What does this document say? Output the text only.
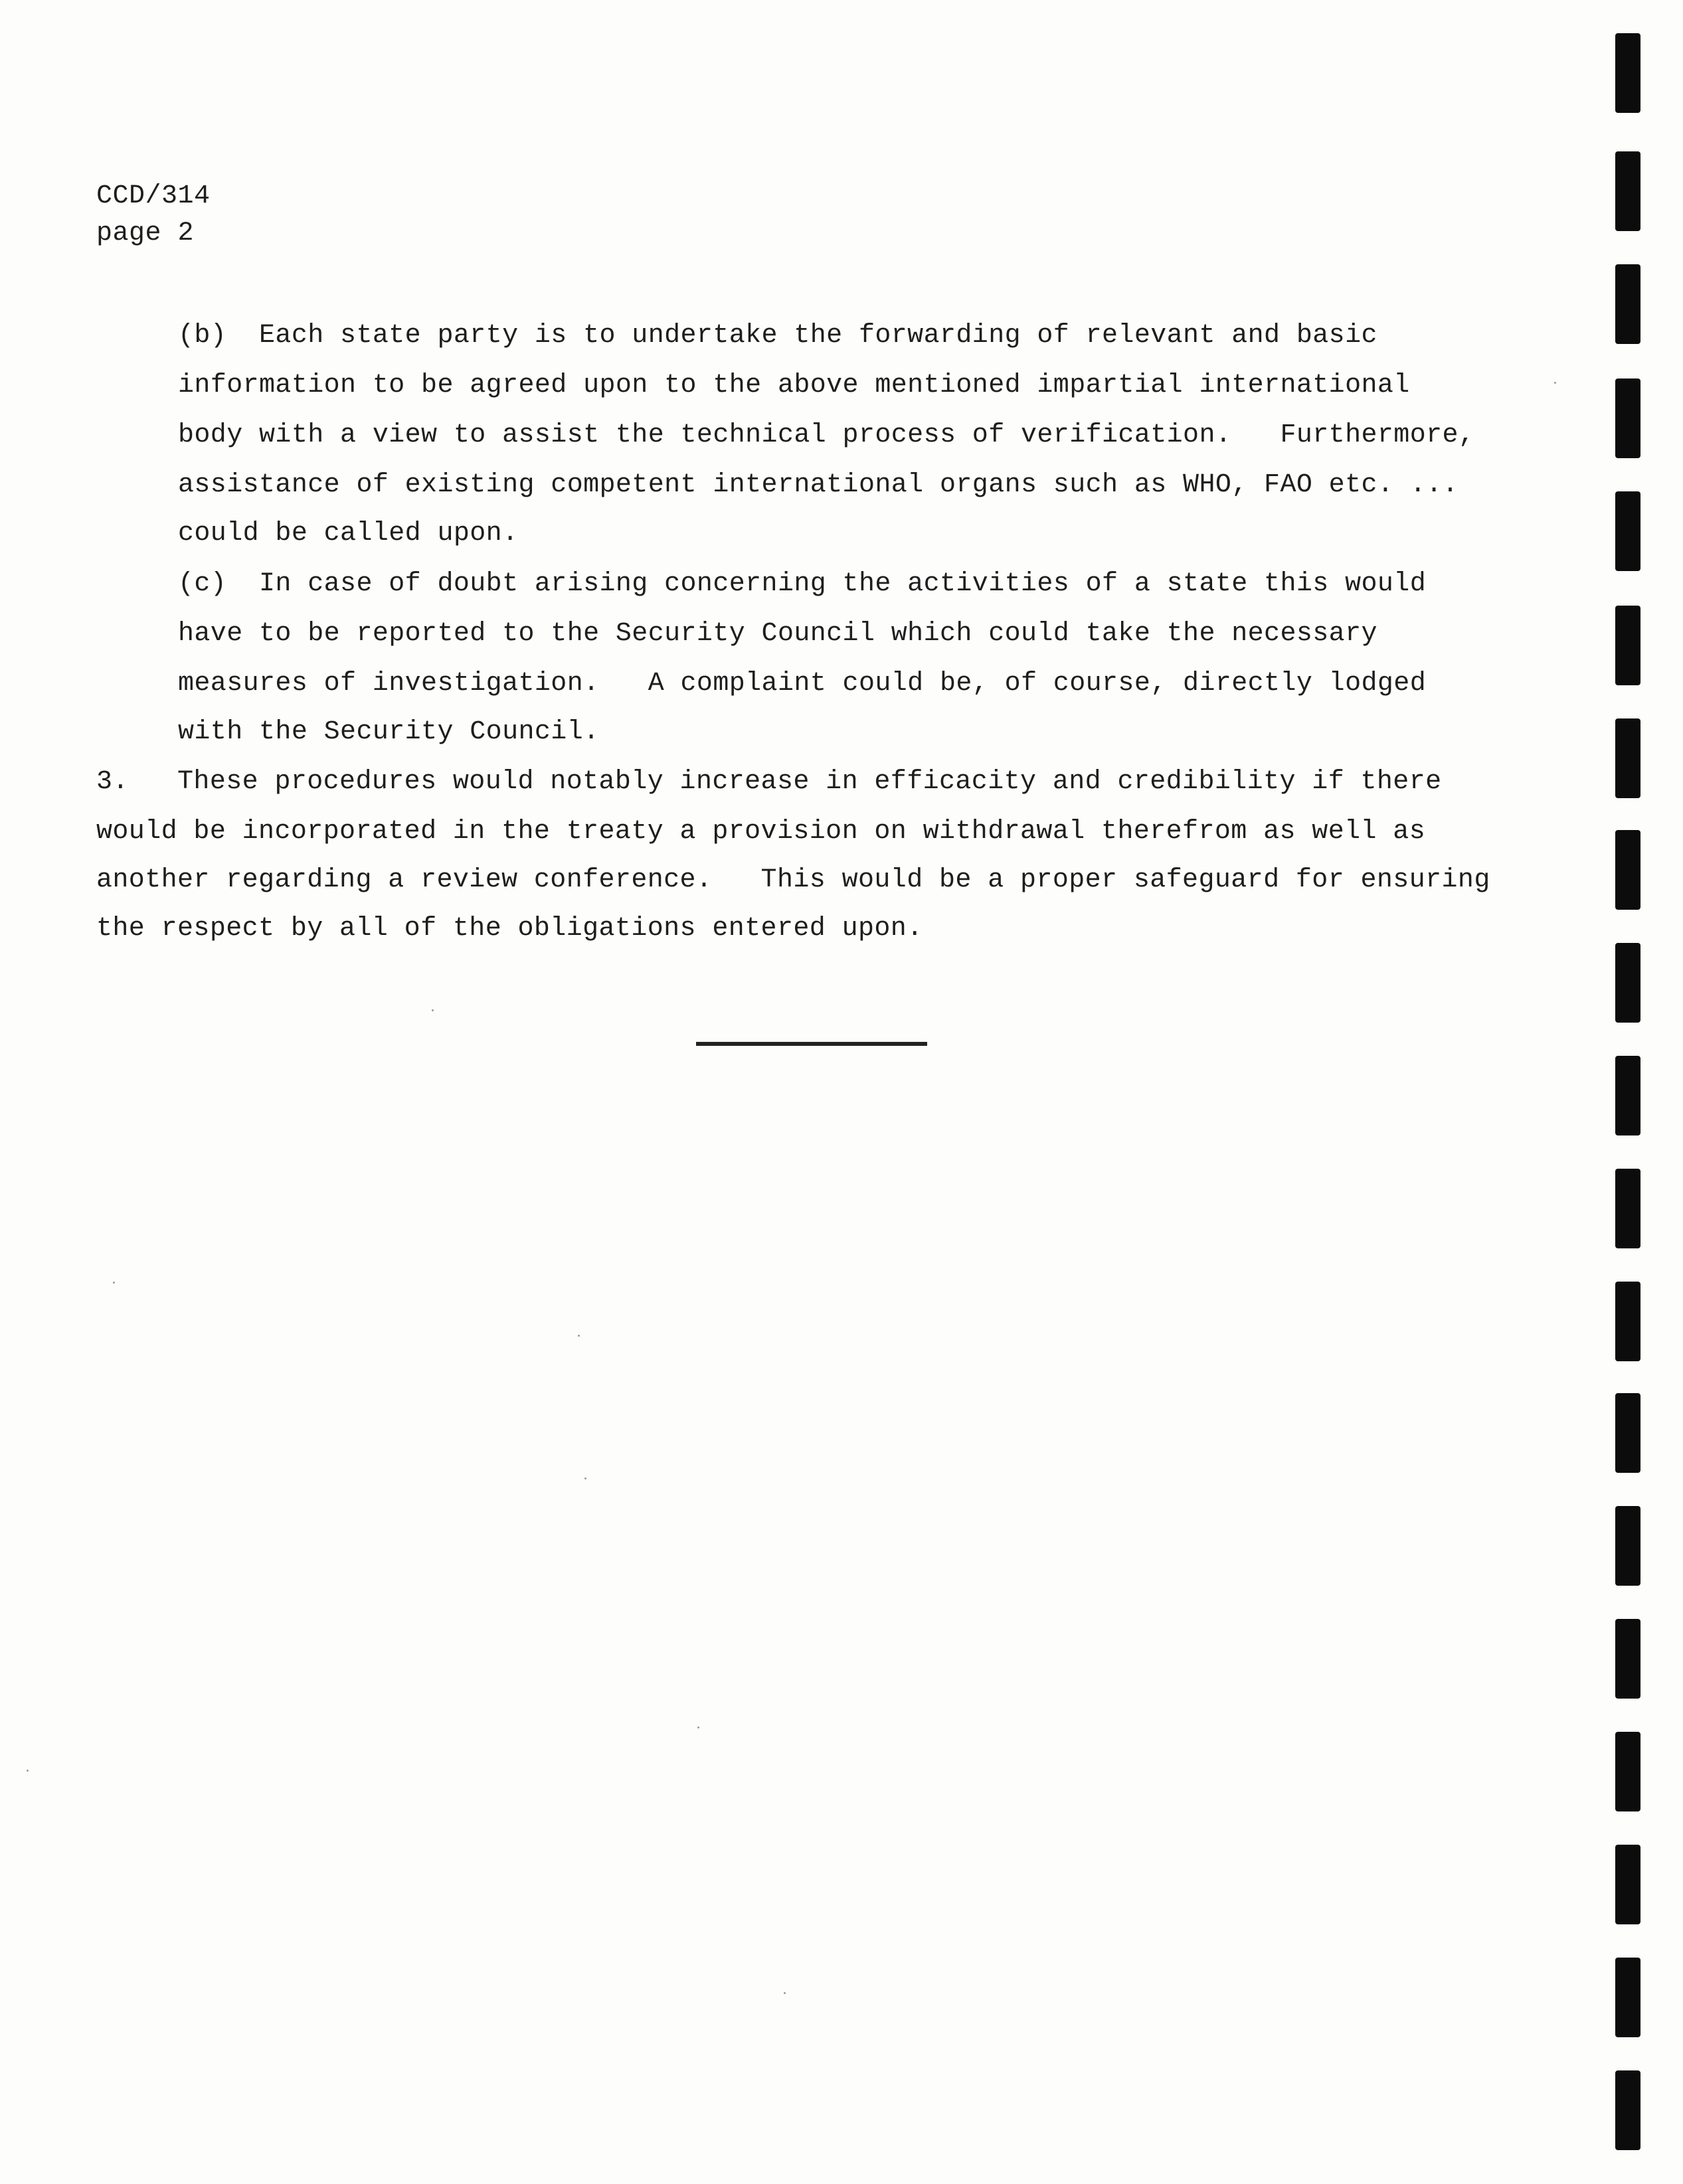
CCD/314
page 2
(b)  Each state party is to undertake the forwarding of relevant and basic
information to be agreed upon to the above mentioned impartial international
body with a view to assist the technical process of verification.   Furthermore,
assistance of existing competent international organs such as WHO, FAO etc. ...
could be called upon.
(c)  In case of doubt arising concerning the activities of a state this would
have to be reported to the Security Council which could take the necessary
measures of investigation.   A complaint could be, of course, directly lodged
with the Security Council.
3.   These procedures would notably increase in efficacity and credibility if there
would be incorporated in the treaty a provision on withdrawal therefrom as well as
another regarding a review conference.   This would be a proper safeguard for ensuring
the respect by all of the obligations entered upon.
